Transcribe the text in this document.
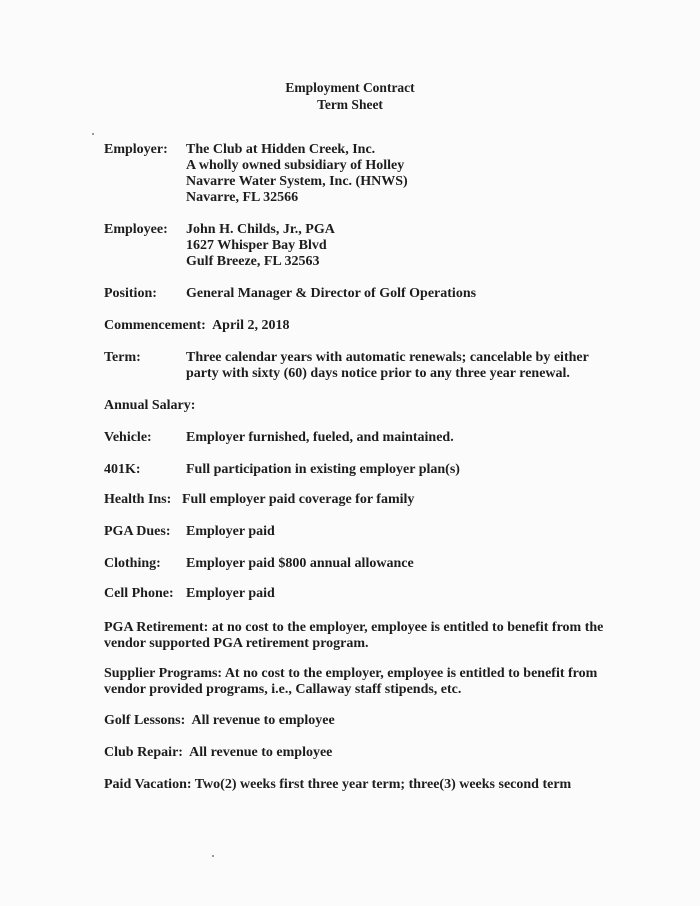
Employment Contract
Term Sheet
Employer: The Club at Hidden Creek, Inc.
A wholly owned subsidiary of Holley
Navarre Water System, Inc. (HNWS)
Navarre, FL 32566
Employee: John H. Childs, Jr., PGA
1627 Whisper Bay Blvd
Gulf Breeze, FL 32563
Position: General Manager & Director of Golf Operations
Commencement:  April 2, 2018
Term:	Three calendar years with automatic renewals; cancelable by either
party with sixty (60) days notice prior to any three year renewal.
Annual Salary:
Vehicle: Employer furnished, fueled, and maintained.
401K:	Full participation in existing employer plan(s)
Health Ins: Full employer paid coverage for family
PGA Dues: Employer paid
Clothing: Employer paid $800 annual allowance
Cell Phone: Employer paid
PGA Retirement: at no cost to the employer, employee is entitled to benefit from the
vendor supported PGA retirement program.
Supplier Programs: At no cost to the employer, employee is entitled to benefit from
vendor provided programs, i.e., Callaway staff stipends, etc.
Golf Lessons:  All revenue to employee
Club Repair:  All revenue to employee
Paid Vacation: Two(2) weeks first three year term; three(3) weeks second term
